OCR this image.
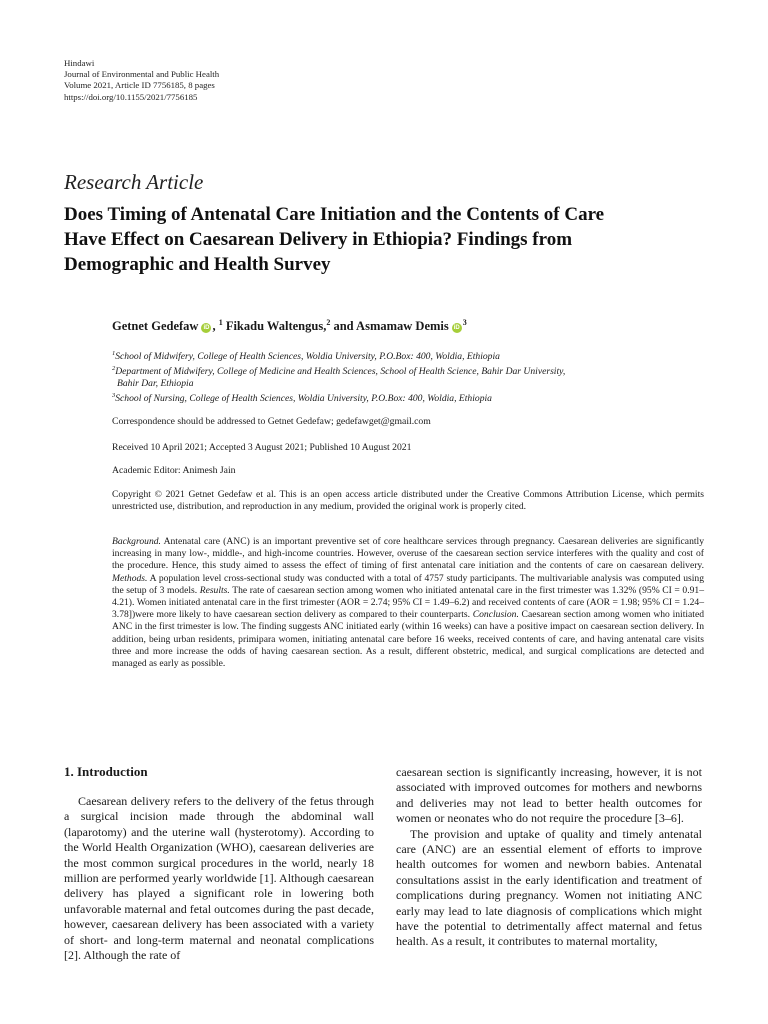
Hindawi
Journal of Environmental and Public Health
Volume 2021, Article ID 7756185, 8 pages
https://doi.org/10.1155/2021/7756185
Research Article
Does Timing of Antenatal Care Initiation and the Contents of Care
Have Effect on Caesarean Delivery in Ethiopia? Findings from
Demographic and Health Survey
Getnet Gedefaw iD , $^1$ Fikadu Waltengus,$^2$ and Asmamaw Demis $iD^3$
$^1$School of Midwifery, College of Health Sciences, Woldia University, P.O.Box: 400, Woldia, Ethiopia
$^2$Department of Midwifery, College of Medicine and Health Sciences, School of Health Science, Bahir Dar University,
Bahir Dar, Ethiopia
$^3$School of Nursing, College of Health Sciences, Woldia University, P.O.Box: 400, Woldia, Ethiopia
Correspondence should be addressed to Getnet Gedefaw; gedefawget@gmail.com
Received 10 April 2021; Accepted 3 August 2021; Published 10 August 2021
Academic Editor: Animesh Jain
Copyright © 2021 Getnet Gedefaw et al. This is an open access article distributed under the Creative Commons Attribution License, which permits unrestricted use, distribution, and reproduction in any medium, provided the original work is properly cited.
Background. Antenatal care (ANC) is an important preventive set of core healthcare services through pregnancy. Caesarean deliveries are significantly increasing in many low-, middle-, and high-income countries. However, overuse of the caesarean section service interferes with the quality and cost of the procedure. Hence, this study aimed to assess the effect of timing of first antenatal care initiation and the contents of care on caesarean delivery. Methods. A population level cross-sectional study was conducted with a total of 4757 study participants. The multivariable analysis was computed using the setup of 3 models. Results. The rate of caesarean section among women who initiated antenatal care in the first trimester was 1.32% (95% CI = 0.91–4.21). Women initiated antenatal care in the first trimester (AOR = 2.74; 95% CI = 1.49–6.2) and received contents of care (AOR = 1.98; 95% CI = 1.24–3.78])were more likely to have caesarean section delivery as compared to their counterparts. Conclusion. Caesarean section among women who initiated ANC in the first trimester is low. The finding suggests ANC initiated early (within 16 weeks) can have a positive impact on caesarean section delivery. In addition, being urban residents, primipara women, initiating antenatal care before 16 weeks, received contents of care, and having antenatal care visits three and more increase the odds of having caesarean section. As a result, different obstetric, medical, and surgical complications are detected and managed as early as possible.
1. Introduction

Caesarean delivery refers to the delivery of the fetus through a surgical incision made through the abdominal wall (laparotomy) and the uterine wall (hysterotomy). According to the World Health Organization (WHO), caesarean deliveries are the most common surgical procedures in the world, nearly 18 million are performed yearly worldwide [1]. Although caesarean delivery has played a significant role in lowering both unfavorable maternal and fetal outcomes during the past decade, however, caesarean delivery has been associated with a variety of short- and long-term maternal and neonatal complications [2]. Although the rate of

caesarean section is significantly increasing, however, it is not associated with improved outcomes for mothers and newborns and deliveries may not lead to better health outcomes for women or neonates who do not require the procedure [3–6].

The provision and uptake of quality and timely antenatal care (ANC) are an essential element of efforts to improve health outcomes for women and newborn babies. Antenatal consultations assist in the early identification and treatment of complications during pregnancy. Women not initiating ANC early may lead to late diagnosis of complications which might have the potential to detrimentally affect maternal and fetus health. As a result, it contributes to maternal mortality,
